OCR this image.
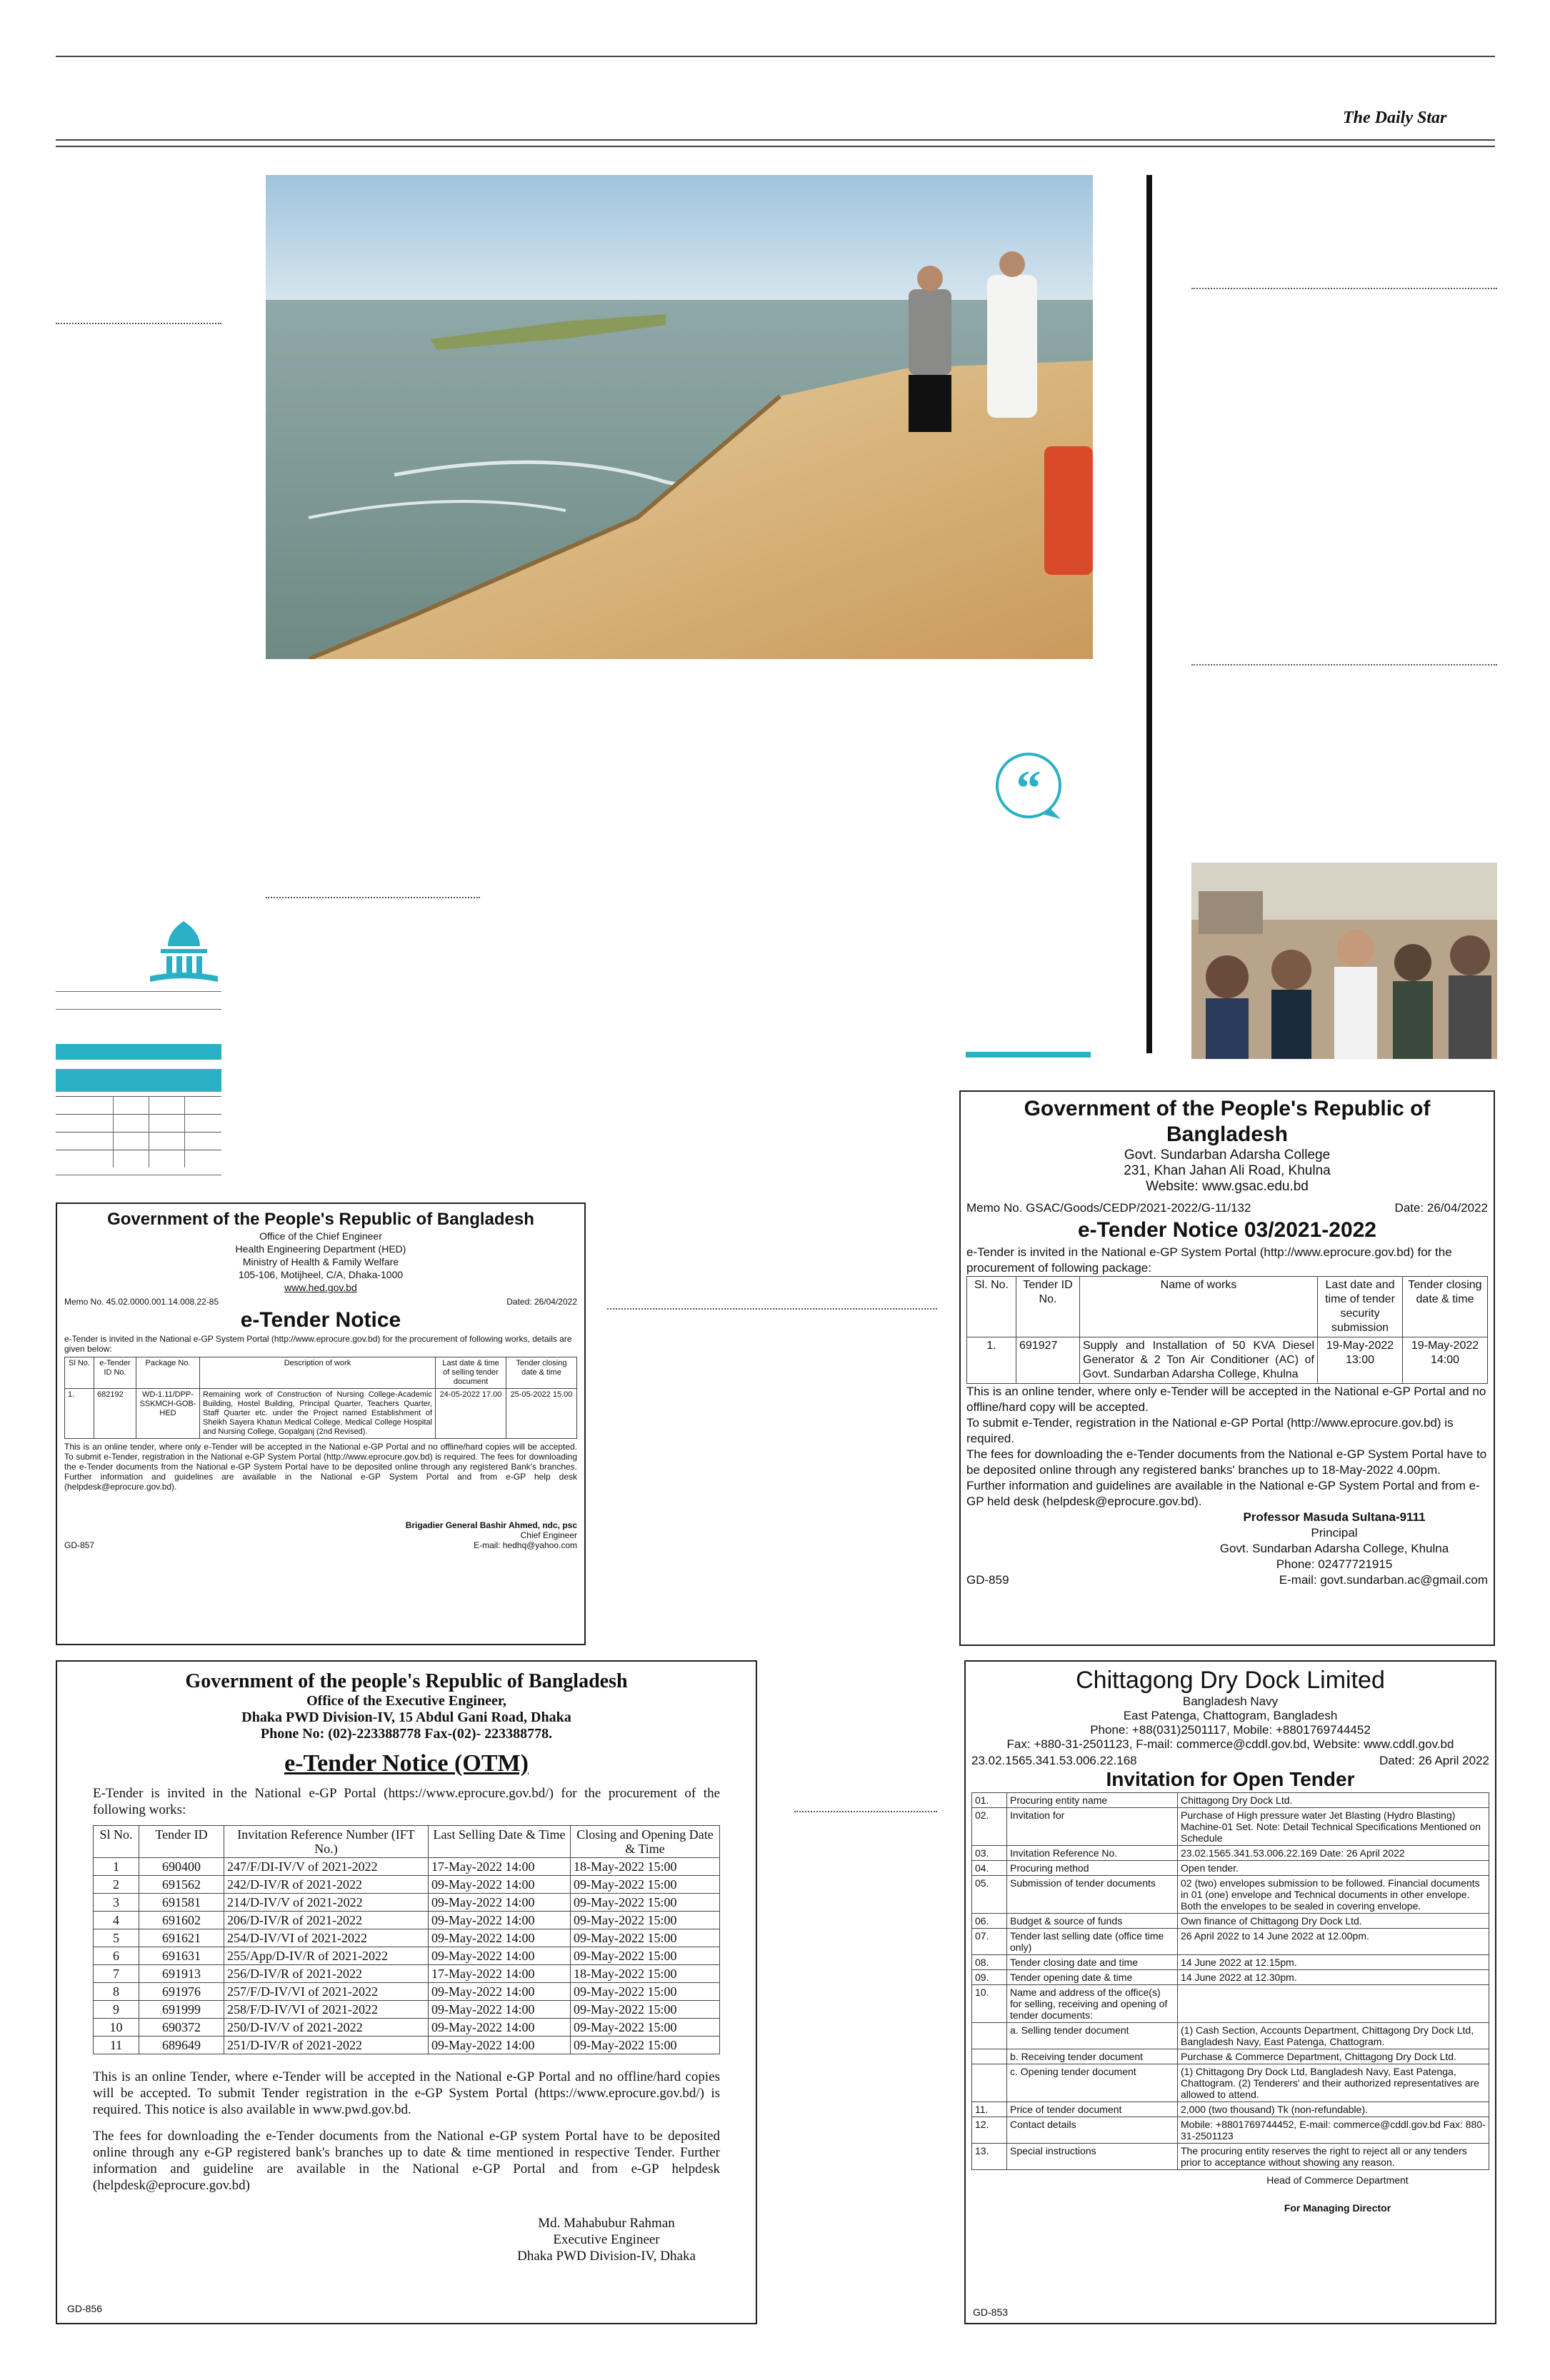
The Daily Star
“
Government of the People's Republic of Bangladesh
Office of the Chief Engineer
Health Engineering Department (HED)
Ministry of Health & Family Welfare
105-106, Motijheel, C/A, Dhaka-1000
www.hed.gov.bd
Memo No. 45.02.0000.001.14.008.22-85	Dated: 26/04/2022
e-Tender Notice
e-Tender is invited in the National e-GP System Portal (http://www.eprocure.gov.bd) for the procurement of following works, details are given below:
Sl No.	e-Tender ID No.	Package No.	Description of work	Last date & time of selling tender document	Tender closing date & time
1.	682192	WD-1.11/DPP-SSKMCH-GOB-HED	Remaining work of Construction of Nursing College-Academic Building, Hostel Building, Principal Quarter, Teachers Quarter, Staff Quarter etc. under the Project named Establishment of Sheikh Sayera Khatun Medical College, Medical College Hospital and Nursing College, Gopalganj (2nd Revised).	24-05-2022 17.00	25-05-2022 15.00
This is an online tender, where only e-Tender will be accepted in the National e-GP Portal and no offline/hard copies will be accepted. To submit e-Tender, registration in the National e-GP System Portal (http://www.eprocure.gov.bd) is required. The fees for downloading the e-Tender documents from the National e-GP System Portal have to be deposited online through any registered Bank's branches. Further information and guidelines are available in the National e-GP System Portal and from e-GP help desk (helpdesk@eprocure.gov.bd).
Brigadier General Bashir Ahmed, ndc, psc
Chief Engineer
GD-857	E-mail: hedhq@yahoo.com
Government of the People's Republic of Bangladesh
Govt. Sundarban Adarsha College
231, Khan Jahan Ali Road, Khulna
Website: www.gsac.edu.bd
Memo No. GSAC/Goods/CEDP/2021-2022/G-11/132	Date: 26/04/2022
e-Tender Notice 03/2021-2022
e-Tender is invited in the National e-GP System Portal (http://www.eprocure.gov.bd) for the procurement of following package:
Sl. No.	Tender ID No.	Name of works	Last date and time of tender security submission	Tender closing date & time
1.	691927	Supply and Installation of 50 KVA Diesel Generator & 2 Ton Air Conditioner (AC) of Govt. Sundarban Adarsha College, Khulna	19-May-2022 13:00	19-May-2022 14:00
This is an online tender, where only e-Tender will be accepted in the National e-GP Portal and no offline/hard copy will be accepted.
To submit e-Tender, registration in the National e-GP Portal (http://www.eprocure.gov.bd) is required.
The fees for downloading the e-Tender documents from the National e-GP System Portal have to be deposited online through any registered banks' branches up to 18-May-2022 4.00pm.
Further information and guidelines are available in the National e-GP System Portal and from e-GP held desk (helpdesk@eprocure.gov.bd).
Professor Masuda Sultana-9111
Principal
Govt. Sundarban Adarsha College, Khulna
Phone: 02477721915
GD-859	E-mail: govt.sundarban.ac@gmail.com
Government of the people's Republic of Bangladesh
Office of the Executive Engineer,
Dhaka PWD Division-IV, 15 Abdul Gani Road, Dhaka
Phone No: (02)-223388778 Fax-(02)- 223388778.
e-Tender Notice (OTM)
E-Tender is invited in the National e-GP Portal (https://www.eprocure.gov.bd/) for the procurement of the following works:
Sl No.	Tender ID	Invitation Reference Number (IFT No.)	Last Selling Date & Time	Closing and Opening Date & Time
1	690400	247/F/DI-IV/V of 2021-2022	17-May-2022 14:00	18-May-2022 15:00
2	691562	242/D-IV/R of 2021-2022	09-May-2022 14:00	09-May-2022 15:00
3	691581	214/D-IV/V of 2021-2022	09-May-2022 14:00	09-May-2022 15:00
4	691602	206/D-IV/R of 2021-2022	09-May-2022 14:00	09-May-2022 15:00
5	691621	254/D-IV/VI of 2021-2022	09-May-2022 14:00	09-May-2022 15:00
6	691631	255/App/D-IV/R of 2021-2022	09-May-2022 14:00	09-May-2022 15:00
7	691913	256/D-IV/R of 2021-2022	17-May-2022 14:00	18-May-2022 15:00
8	691976	257/F/D-IV/VI of 2021-2022	09-May-2022 14:00	09-May-2022 15:00
9	691999	258/F/D-IV/VI of 2021-2022	09-May-2022 14:00	09-May-2022 15:00
10	690372	250/D-IV/V of 2021-2022	09-May-2022 14:00	09-May-2022 15:00
11	689649	251/D-IV/R of 2021-2022	09-May-2022 14:00	09-May-2022 15:00
This is an online Tender, where e-Tender will be accepted in the National e-GP Portal and no offline/hard copies will be accepted. To submit Tender registration in the e-GP System Portal (https://www.eprocure.gov.bd/) is required. This notice is also available in www.pwd.gov.bd.
The fees for downloading the e-Tender documents from the National e-GP system Portal have to be deposited online through any e-GP registered bank's branches up to date & time mentioned in respective Tender. Further information and guideline are available in the National e-GP Portal and from e-GP helpdesk (helpdesk@eprocure.gov.bd)
Md. Mahabubur Rahman
Executive Engineer
Dhaka PWD Division-IV, Dhaka
GD-856
Chittagong Dry Dock Limited
Bangladesh Navy
East Patenga, Chattogram, Bangladesh
Phone: +88(031)2501117, Mobile: +8801769744452
Fax: +880-31-2501123, F-mail: commerce@cddl.gov.bd, Website: www.cddl.gov.bd
23.02.1565.341.53.006.22.168	Dated: 26 April 2022
Invitation for Open Tender
01.	Procuring entity name	Chittagong Dry Dock Ltd.
02.	Invitation for	Purchase of High pressure water Jet Blasting (Hydro Blasting) Machine-01 Set. Note: Detail Technical Specifications Mentioned on Schedule
03.	Invitation Reference No.	23.02.1565.341.53.006.22.169 Date: 26 April 2022
04.	Procuring method	Open tender.
05.	Submission of tender documents	02 (two) envelopes submission to be followed. Financial documents in 01 (one) envelope and Technical documents in other envelope. Both the envelopes to be sealed in covering envelope.
06.	Budget & source of funds	Own finance of Chittagong Dry Dock Ltd.
07.	Tender last selling date (office time only)	26 April 2022 to 14 June 2022 at 12.00pm.
08.	Tender closing date and time	14 June 2022 at 12.15pm.
09.	Tender opening date & time	14 June 2022 at 12.30pm.
10.	Name and address of the office(s) for selling, receiving and opening of tender documents:	
	a. Selling tender document	(1) Cash Section, Accounts Department, Chittagong Dry Dock Ltd, Bangladesh Navy, East Patenga, Chattogram.
	b. Receiving tender document	Purchase & Commerce Department, Chittagong Dry Dock Ltd.
	c. Opening tender document	(1) Chittagong Dry Dock Ltd, Bangladesh Navy, East Patenga, Chattogram. (2) Tenderers' and their authorized representatives are allowed to attend.
11.	Price of tender document	2,000 (two thousand) Tk (non-refundable).
12.	Contact details	Mobile: +8801769744452, E-mail: commerce@cddl.gov.bd Fax: 880-31-2501123
13.	Special instructions	The procuring entity reserves the right to reject all or any tenders prior to acceptance without showing any reason.
Head of Commerce Department
For Managing Director
GD-853
